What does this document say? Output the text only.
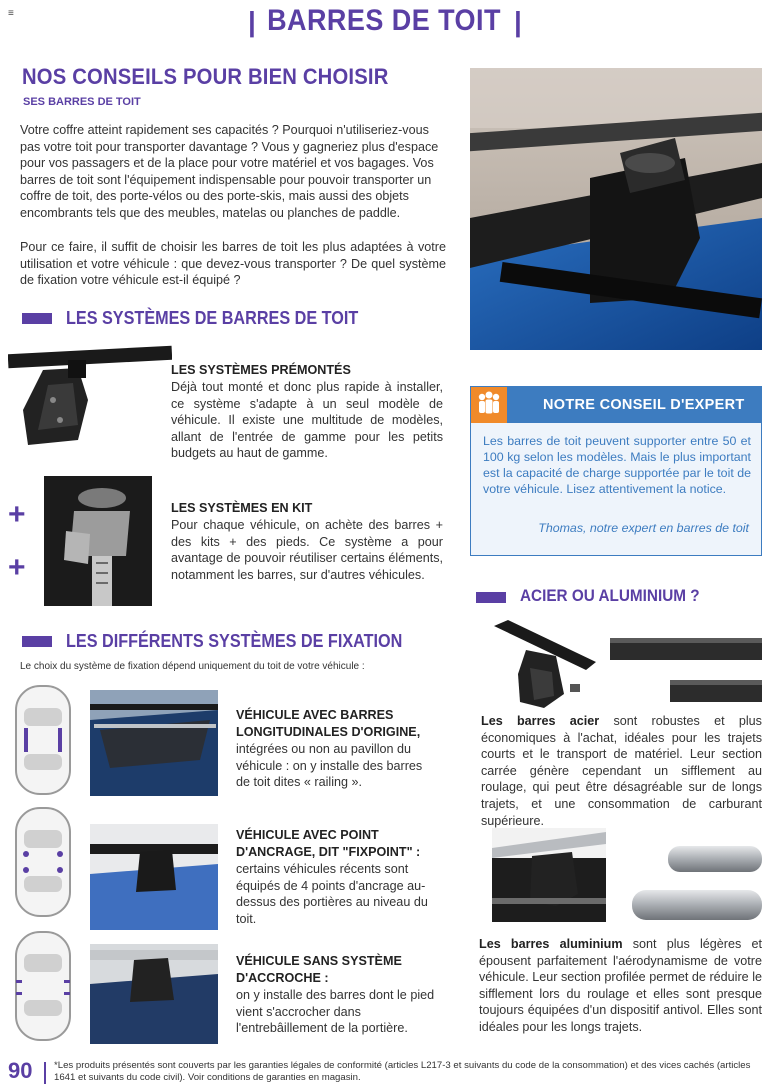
≡	| BARRES DE TOIT |
NOS CONSEILS POUR BIEN CHOISIR
SES BARRES DE TOIT
Votre coffre atteint rapidement ses capacités ? Pourquoi n'utiliseriez-vous pas votre toit pour transporter davantage ? Vous y gagneriez plus d'espace pour vos passagers et de la place pour votre matériel et vos bagages. Vos barres de toit sont l'équipement indispensable pour pouvoir transporter un coffre de toit, des porte-vélos ou des porte-skis, mais aussi des objets encombrants tels que des meubles, matelas ou planches de paddle.
Pour ce faire, il suffit de choisir les barres de toit les plus adaptées à votre utilisation et votre véhicule : que devez-vous transporter ? De quel système de fixation votre véhicule est-il équipé ?
LES SYSTÈMES DE BARRES DE TOIT
LES SYSTÈMES PRÉMONTÉS
Déjà tout monté et donc plus rapide à installer, ce système s'adapte à un seul modèle de véhicule. Il existe une multitude de modèles, allant de l'entrée de gamme pour les petits budgets au haut de gamme.
+
+
LES SYSTÈMES EN KIT
Pour chaque véhicule, on achète des barres + des kits + des pieds. Ce système a pour avantage de pouvoir réutiliser certains éléments, notamment les barres, sur d'autres véhicules.
NOTRE CONSEIL D'EXPERT
Les barres de toit peuvent supporter entre 50 et 100 kg selon les modèles. Mais le plus important est la capacité de charge supportée par le toit de votre véhicule. Lisez attentivement la notice.
Thomas, notre expert en barres de toit
ACIER OU ALUMINIUM ?
Les barres acier sont robustes et plus économiques à l'achat, idéales pour les trajets courts et le transport de matériel. Leur section carrée génère cependant un sifflement au roulage, qui peut être désagréable sur de longs trajets, et une consommation de carburant supérieure.
Les barres aluminium sont plus légères et épousent parfaitement l'aérodynamisme de votre véhicule. Leur section profilée permet de réduire le sifflement lors du roulage et elles sont presque toujours équipées d'un dispositif antivol. Elles sont idéales pour les longs trajets.
LES DIFFÉRENTS SYSTÈMES DE FIXATION
Le choix du système de fixation dépend uniquement du toit de votre véhicule :
VÉHICULE AVEC BARRES LONGITUDINALES D'ORIGINE,
intégrées ou non au pavillon du véhicule : on y installe des barres de toit dites « railing ».
VÉHICULE AVEC POINT D'ANCRAGE, DIT "FIXPOINT" :
certains véhicules récents sont équipés de 4 points d'ancrage au-dessus des portières au niveau du toit.
VÉHICULE SANS SYSTÈME D'ACCROCHE :
on y installe des barres dont le pied vient s'accrocher dans l'entrebâillement de la portière.
90 *Les produits présentés sont couverts par les garanties légales de conformité (articles L217-3 et suivants du code de la consommation) et des vices cachés (articles 1641 et suivants du code civil). Voir conditions de garanties en magasin.
